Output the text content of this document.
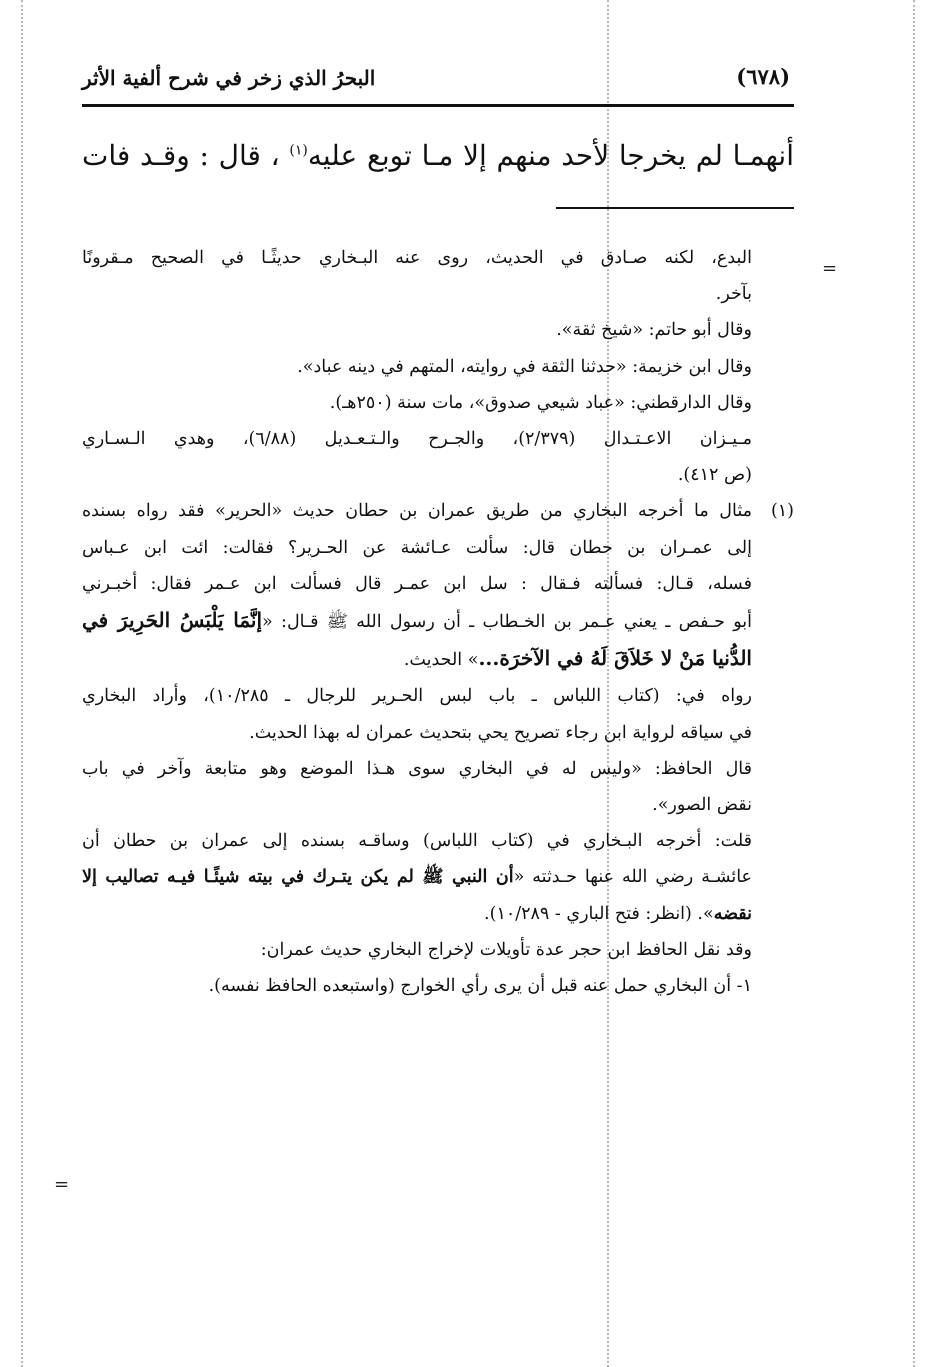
(٦٧٨)
البحرُ الذي زخر في شرح ألفية الأثر
أنهمـا لم يخرجا لأحد منهم إلا مـا توبع عليه$^{(١)}$ ، قال : وقـد فات

البدع، لكنه صـادق في الحديث، روى عنه البـخاري حديثًـا في الصحيح مـقرونًا

بآخر.

وقال أبو حاتم: «شيخ ثقة».

وقال ابن خزيمة: «حدثنا الثقة في روايته، المتهم في دينه عباد».

وقال الدارقطني: «عباد شيعي صدوق»، مات سنة (٢٥٠هـ).

مـيـزان الاعـتـدال (٢/٣٧٩)، والجـرح والـتـعـديل (٦/٨٨)، وهدي الـسـاري

(ص ٤١٢).

(١)

مثال ما أخرجه البخاري من طريق عمران بن حطان حديث «الحرير» فقد رواه بسنده

إلى عمـران بن حطان قال: سألت عـائشة عن الحـرير؟ فقالت: ائت ابن عـباس

فسله، قـال: فسألته فـقال : سل ابن عمـر قال فسألت ابن عـمر فقال: أخبـرني

أبو حـفص ـ يعني عـمر بن الخـطاب ـ أن رسول الله ﷺ قـال: «إنَّمَا يَلْبَسُ الحَرِيرَ في الدُّنيا مَنْ لا خَلاَقَ لَهُ في الآخرَة...» الحديث.

رواه في: (كتاب اللباس ـ باب لبس الحـرير للرجال ـ ١٠/٢٨٥)، وأراد البخاري

في سياقه لرواية ابن رجاء تصريح يحي بتحديث عمران له بهذا الحديث.

قال الحافظ: «وليس له في البخاري سوى هـذا الموضع وهو متابعة وآخر في باب

نقض الصور».

قلت: أخرجه البـخاري في (كتاب اللباس) وساقـه بسنده إلى عمران بن حطان أن

عائشـة رضي الله عنها حـدثته «أن النبي ﷺ لم يكن يتـرك في بيته شيئًـا فيـه تصاليب إلا نقضه». (انظر: فتح الباري - ١٠/٢٨٩).

وقد نقل الحافظ ابن حجر عدة تأويلات لإخراج البخاري حديث عمران:

١- أن البخاري حمل عنه قبل أن يرى رأي الخوارج (واستبعده الحافظ نفسه).

=
=
